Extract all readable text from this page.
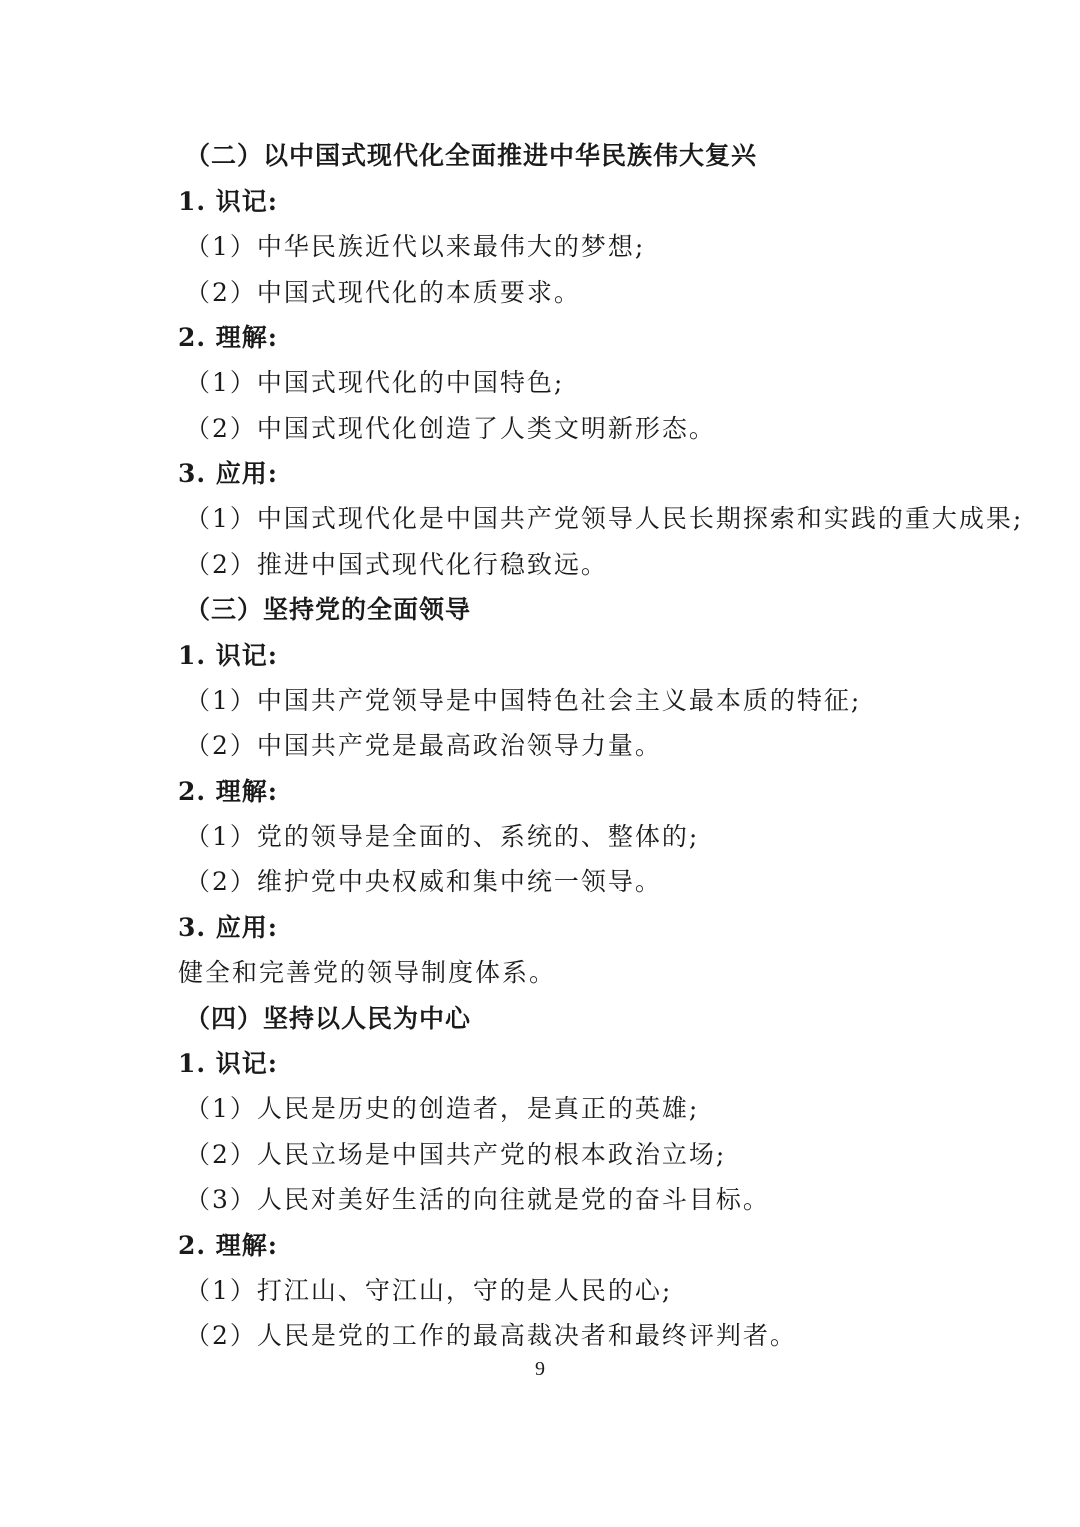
（二）以中国式现代化全面推进中华民族伟大复兴
1. 识记:
（1）中华民族近代以来最伟大的梦想;
（2）中国式现代化的本质要求。
2. 理解:
（1）中国式现代化的中国特色;
（2）中国式现代化创造了人类文明新形态。
3. 应用:
（1）中国式现代化是中国共产党领导人民长期探索和实践的重大成果;
（2）推进中国式现代化行稳致远。
（三）坚持党的全面领导
1. 识记:
（1）中国共产党领导是中国特色社会主义最本质的特征;
（2）中国共产党是最高政治领导力量。
2. 理解:
（1）党的领导是全面的、系统的、整体的;
（2）维护党中央权威和集中统一领导。
3. 应用:
健全和完善党的领导制度体系。
（四）坚持以人民为中心
1. 识记:
（1）人民是历史的创造者，是真正的英雄;
（2）人民立场是中国共产党的根本政治立场;
（3）人民对美好生活的向往就是党的奋斗目标。
2. 理解:
（1）打江山、守江山，守的是人民的心;
（2）人民是党的工作的最高裁决者和最终评判者。
9
